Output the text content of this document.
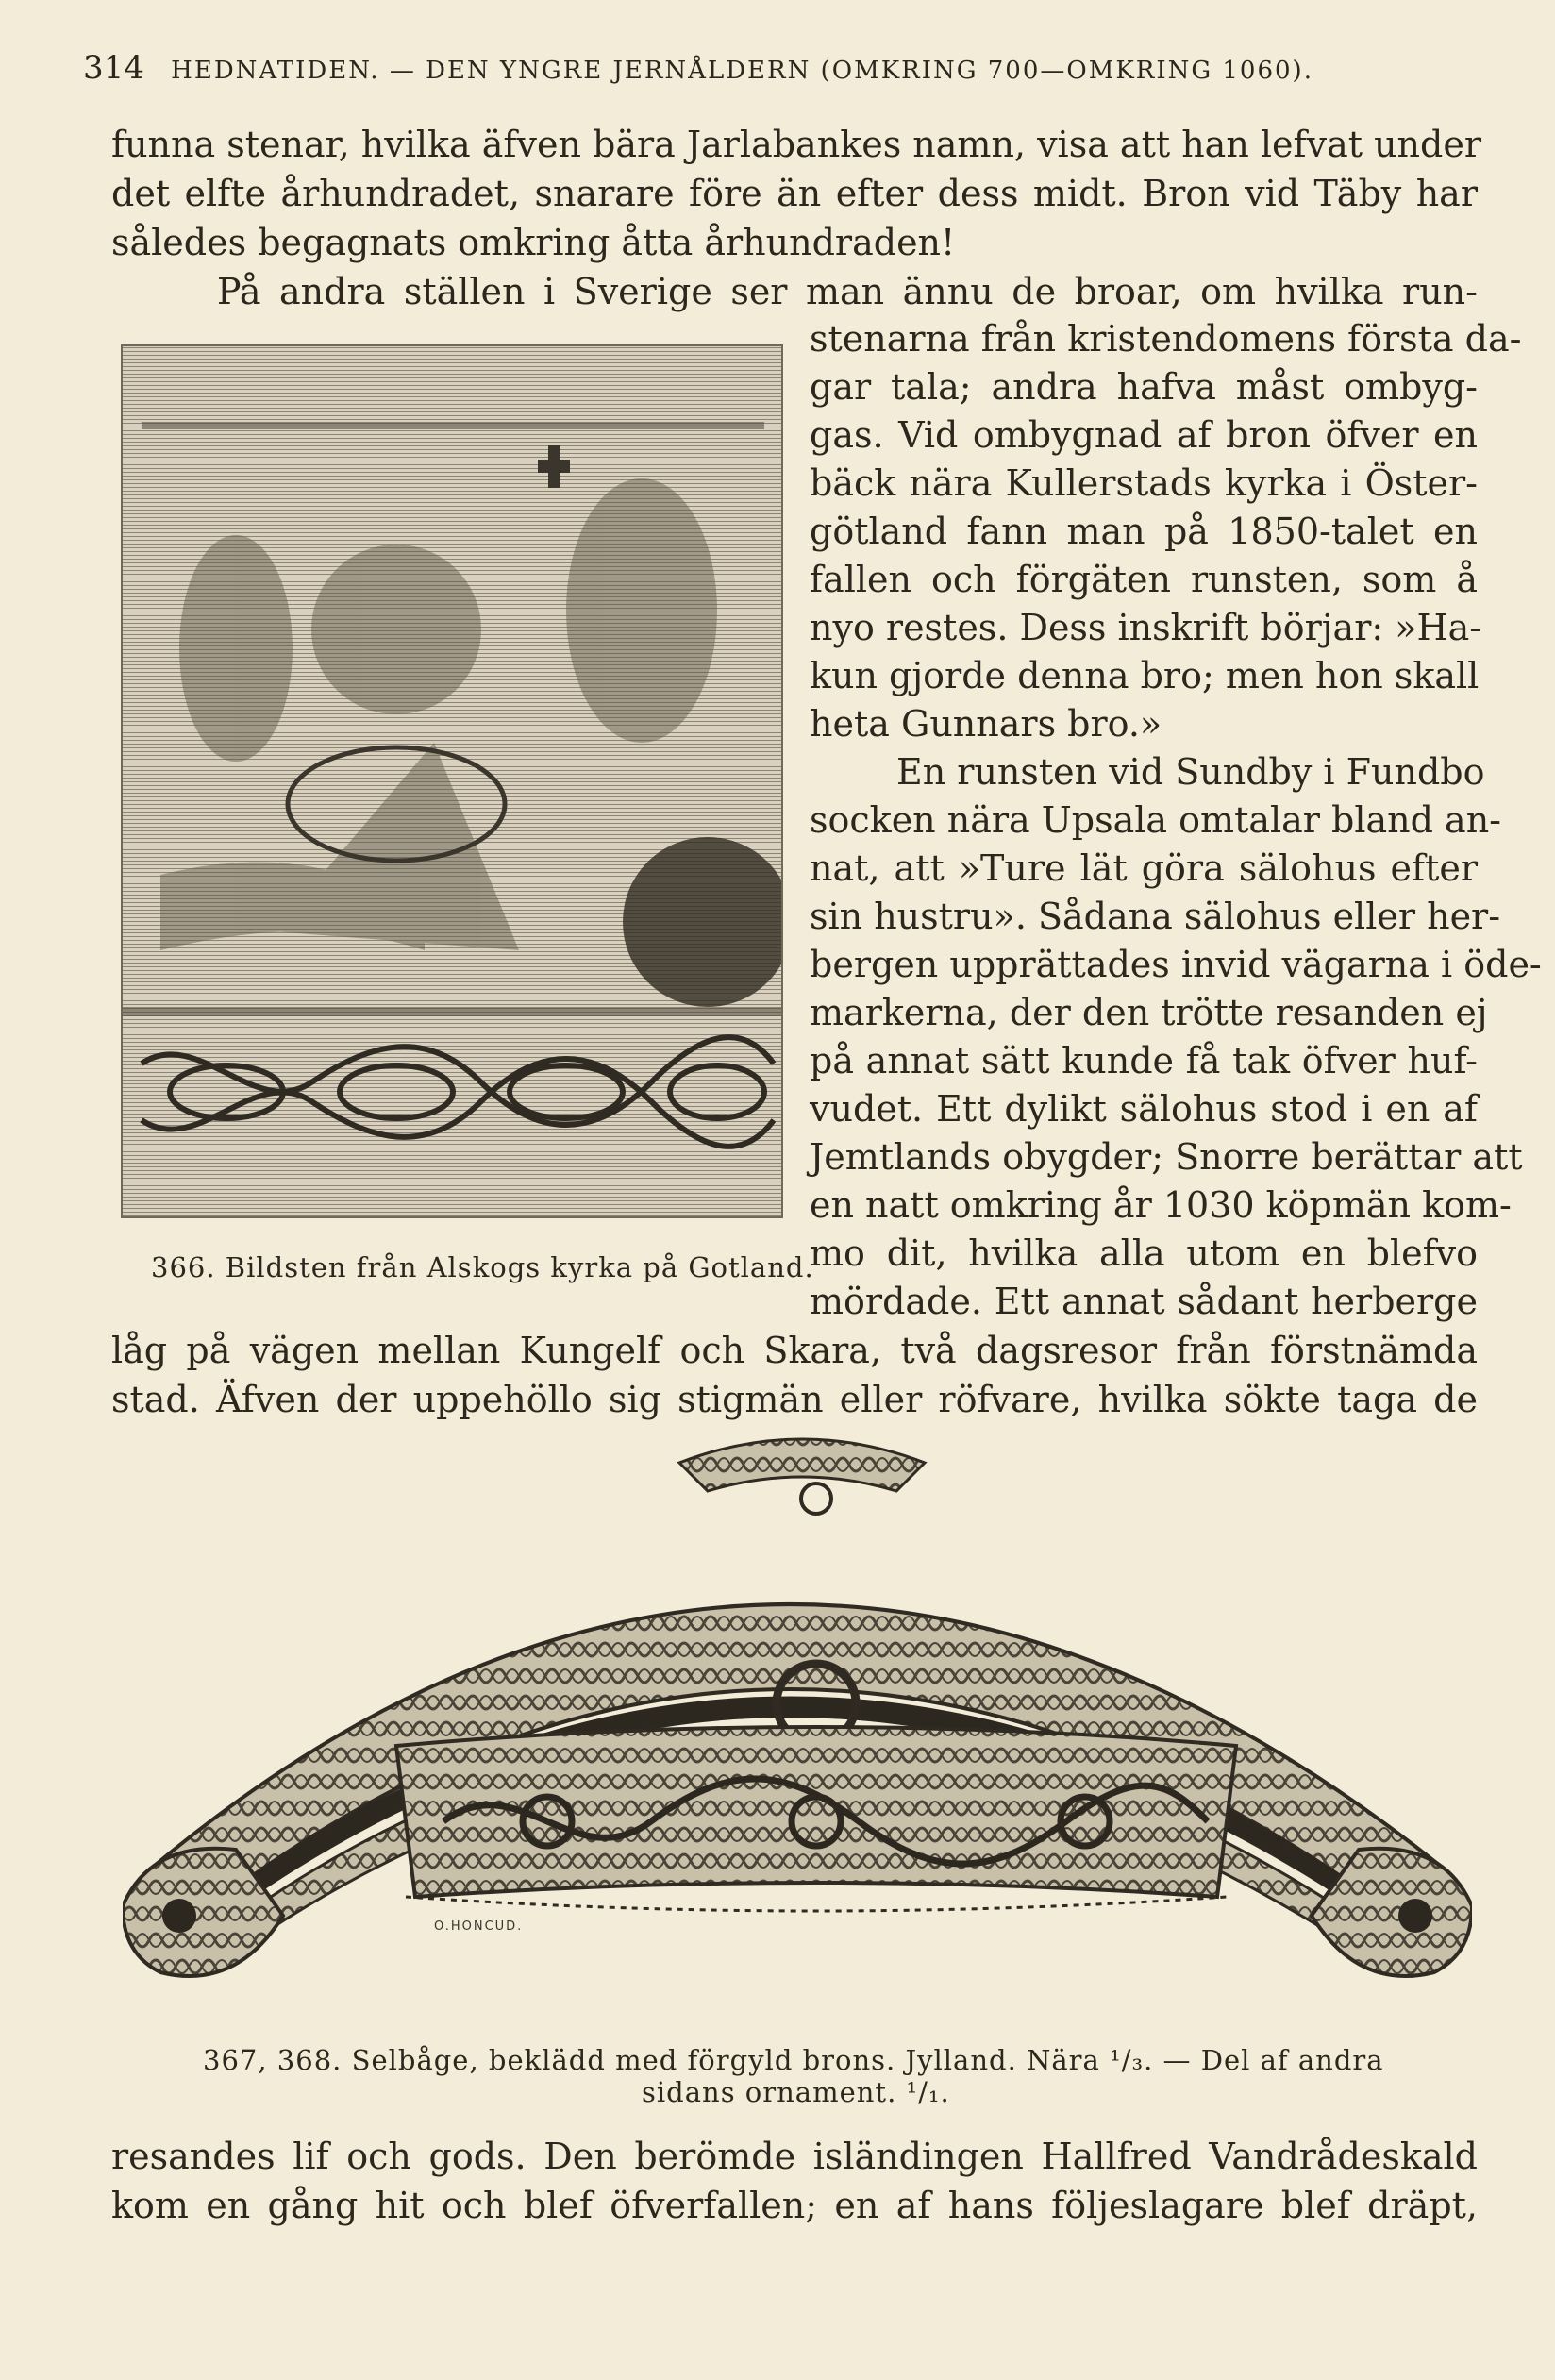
314 HEDNATIDEN. — DEN YNGRE JERNÅLDERN (OMKRING 700—OMKRING 1060).
funna stenar, hvilka äfven bära Jarlabankes namn, visa att han lefvat under
det elfte århundradet, snarare före än efter dess midt. Bron vid Täby har
således begagnats omkring åtta århundraden!
På andra ställen i Sverige ser man ännu de broar, om hvilka run-
stenarna från kristendomens första da-
gar tala; andra hafva måst ombyg-
gas. Vid ombygnad af bron öfver en
bäck nära Kullerstads kyrka i Öster-
götland fann man på 1850-talet en
fallen och förgäten runsten, som å
nyo restes. Dess inskrift börjar: »Ha-
kun gjorde denna bro; men hon skall
heta Gunnars bro.»
En runsten vid Sundby i Fundbo
socken nära Upsala omtalar bland an-
nat, att »Ture lät göra sälohus efter
sin hustru». Sådana sälohus eller her-
bergen upprättades invid vägarna i öde-
markerna, der den trötte resanden ej
på annat sätt kunde få tak öfver huf-
vudet. Ett dylikt sälohus stod i en af
Jemtlands obygder; Snorre berättar att
en natt omkring år 1030 köpmän kom-
mo dit, hvilka alla utom en blefvo
mördade. Ett annat sådant herberge
366. Bildsten från Alskogs kyrka på Gotland.
låg på vägen mellan Kungelf och Skara, två dagsresor från förstnämda
stad. Äfven der uppehöllo sig stigmän eller röfvare, hvilka sökte taga de
O.HONCUD.
367, 368. Selbåge, beklädd med förgyld brons. Jylland. Nära ¹/₃. — Del af andra
sidans ornament. ¹/₁.
resandes lif och gods. Den berömde isländingen Hallfred Vandrådeskald
kom en gång hit och blef öfverfallen; en af hans följeslagare blef dräpt,
